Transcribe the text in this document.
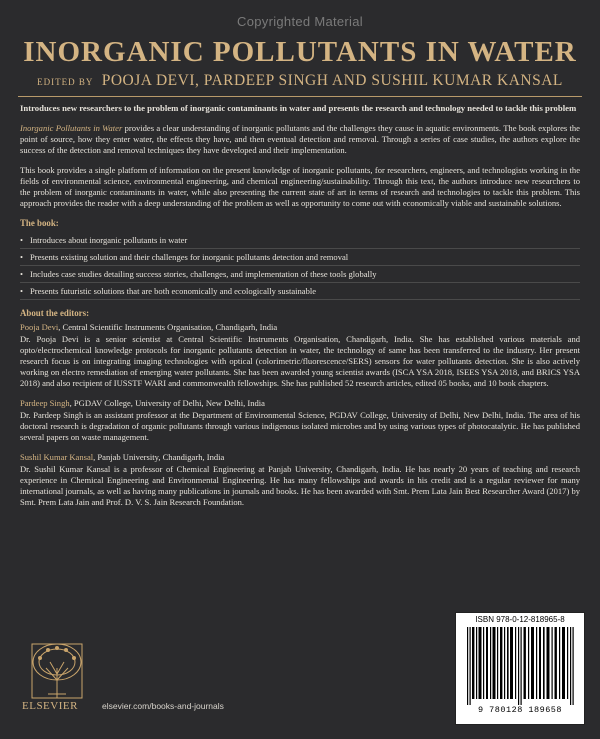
Copyrighted Material
INORGANIC POLLUTANTS IN WATER
EDITED BY POOJA DEVI, PARDEEP SINGH AND SUSHIL KUMAR KANSAL
Introduces new researchers to the problem of inorganic contaminants in water and presents the research and technology needed to tackle this problem

Inorganic Pollutants in Water provides a clear understanding of inorganic pollutants and the challenges they cause in aquatic environments. The book explores the point of source, how they enter water, the effects they have, and then eventual detection and removal. Through a series of case studies, the authors explore the success of the detection and removal techniques they have developed and their implementation.

This book provides a single platform of information on the present knowledge of inorganic pollutants, for researchers, engineers, and technologists working in the fields of environmental science, environmental engineering, and chemical engineering/sustainability. Through this text, the authors introduce new researchers to the problem of inorganic contaminants in water, while also presenting the current state of art in terms of research and technologies to tackle this problem. This approach provides the reader with a deep understanding of the problem as well as opportunity to come out with economically viable and sustainable solutions.

The book:
• Introduces about inorganic pollutants in water
• Presents existing solution and their challenges for inorganic pollutants detection and removal
• Includes case studies detailing success stories, challenges, and implementation of these tools globally
• Presents futuristic solutions that are both economically and ecologically sustainable
About the editors:
Pooja Devi, Central Scientific Instruments Organisation, Chandigarh, India

Dr. Pooja Devi is a senior scientist at Central Scientific Instruments Organisation, Chandigarh, India. She has established various materials and opto/electrochemical knowledge protocols for inorganic pollutants detection in water, the technology of same has been transferred to the industry. Her present research focus is on integrating imaging technologies with optical (colorimetric/fluorescence/SERS) sensors for water pollutants detection. She is also actively working on electro remediation of emerging water pollutants. She has been awarded young scientist awards (ISCA YSA 2018, ISEES YSA 2018, and BRICS YSA 2018) and also recipient of IUSSTF WARI and commonwealth fellowships. She has published 52 research articles, edited 05 books, and 10 book chapters.

Pardeep Singh, PGDAV College, University of Delhi, New Delhi, India

Dr. Pardeep Singh is an assistant professor at the Department of Environmental Science, PGDAV College, University of Delhi, New Delhi, India. The area of his doctoral research is degradation of organic pollutants through various indigenous isolated microbes and by using various types of photocatalytic. He has published several papers on waste management.

Sushil Kumar Kansal, Panjab University, Chandigarh, India

Dr. Sushil Kumar Kansal is a professor of Chemical Engineering at Panjab University, Chandigarh, India. He has nearly 20 years of teaching and research experience in Chemical Engineering and Environmental Engineering. He has many fellowships and awards in his credit and is a regular reviewer for many international journals, as well as having many publications in journals and books. He has been awarded with Smt. Prem Lata Jain Best Researcher Award (2017) by Smt. Prem Lata Jain and Prof. D. V. S. Jain Research Foundation.

ISBN 978-0-12-818965-8
9 780128 189658
ELSEVIER	elsevier.com/books-and-journals
